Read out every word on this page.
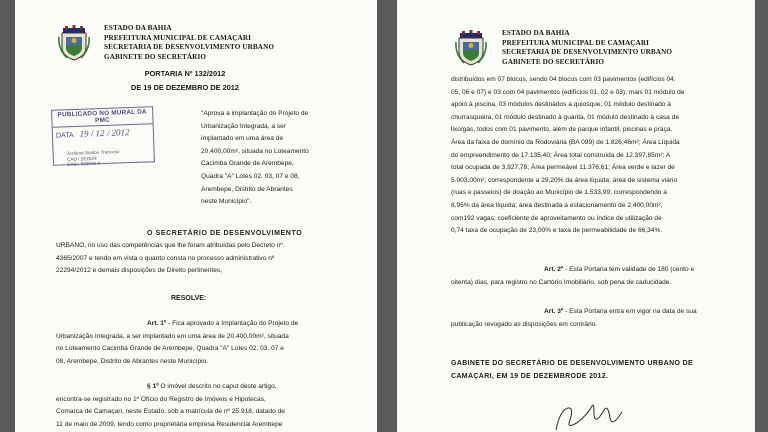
ESTADO DA BAHIA
PREFEITURA MUNICIPAL DE CAMAÇARI
SECRETARIA DE DESENVOLVIMENTO URBANO
GABINETE DO SECRETÁRIO
PORTARIA Nº 132/2012
DE 19 DE DEZEMBRO DE 2012
PUBLICADO NO MURAL DA PMC
DATA 19 / 12 / 2012
Jocilena Santos Trancoso
CAD / SEDUR
CAD.: 060049-6
"Aprova a implantação do Projeto de
Urbanização Integrada, a ser
implantado em uma área de
20.400,00m², situada no Loteamento
Cacimba Grande de Arembepe,
Quadra "A" Lotes 02, 03, 07 e 08,
Arembepe, Distrito de Abrantes
neste Município".
O SECRETÁRIO DE DESENVOLVIMENTO
URBANO, no uso das competências que lhe foram atribuídas pelo Decreto nº.
4365/2007 e tendo em vista o quanto consta no processo administrativo nº
22294/2012 e demais disposições de Direito pertinentes,
RESOLVE:
Art. 1º - Fica aprovado a Implantação do Projeto de
Urbanização Integrada, a ser implantado em uma área de 20.400,00m², situada
no Loteamento Cacimba Grande de Arembepe, Quadra "A" Lotes 02, 03, 07 e
08, Arembepe, Distrito de Abrantes neste Município.
§ 1º O imóvel descrito no caput deste artigo,
encontra-se registrado no 1º Ofício do Registro de Imóveis e Hipotecas,
Comarca de Camaçari, neste Estado, sob a matrícula de nº 25.918, datado de
11 de maio de 2009, tendo como proprietária empresa Residencial Arembepe
ESTADO DA BAHIA
PREFEITURA MUNICIPAL DE CAMAÇARI
SECRETARIA DE DESENVOLVIMENTO URBANO
GABINETE DO SECRETÁRIO
distribuídos em 07 blocos, sendo 04 blocos com 03 pavimentos (edifícios 04,
05, 06 e 07) e 03 com 04 pavimentos (edifícios 01, 02 e 03), mais 01 módulo de
apoio à piscina, 03 módulos destinados a quiosque, 01 módulo destinado à
churrasqueira, 01 módulo destinado à guarita, 01 módulo destinado à casa de
lixo/gás, todos com 01 pavimento, além de parque infantil, piscinas e praça.
Área da faixa de domínio da Rodoviária (BA 099) de 1.826,46m²; Área Líquida
do empreendimento de 17.135,40; Área total construída de 12.397,85m²; A
total ocupada de 3.927,78; Área permeável 11.376,61; Área verde e lazer de
5.003,00m²; correspondente a 29,20% da área líquida; área de sistema viário
(ruas e passeios) de doação ao Município de 1.533,99; correspondendo a
8,95% da área líquida; área destinada a estacionamento de 2.400,00m²,
com192 vagas; coeficiente de aproveitamento ou índice de utilização de
0,74 taxa de ocupação de 23,00% e taxa de permeabilidade de 66,34%.
Art. 2º - Esta Portaria tem validade de 180 (cento e
oitenta) dias, para registro no Cartório Imobiliário, sob pena de caducidade.
Art. 3º - Esta Portaria entra em vigor na data de sua
publicação revogado as disposições em contrário.
GABINETE DO SECRETÁRIO DE DESENVOLVIMENTO URBANO DE
CAMAÇARI, EM 19 DE DEZEMBRODE 2012.
